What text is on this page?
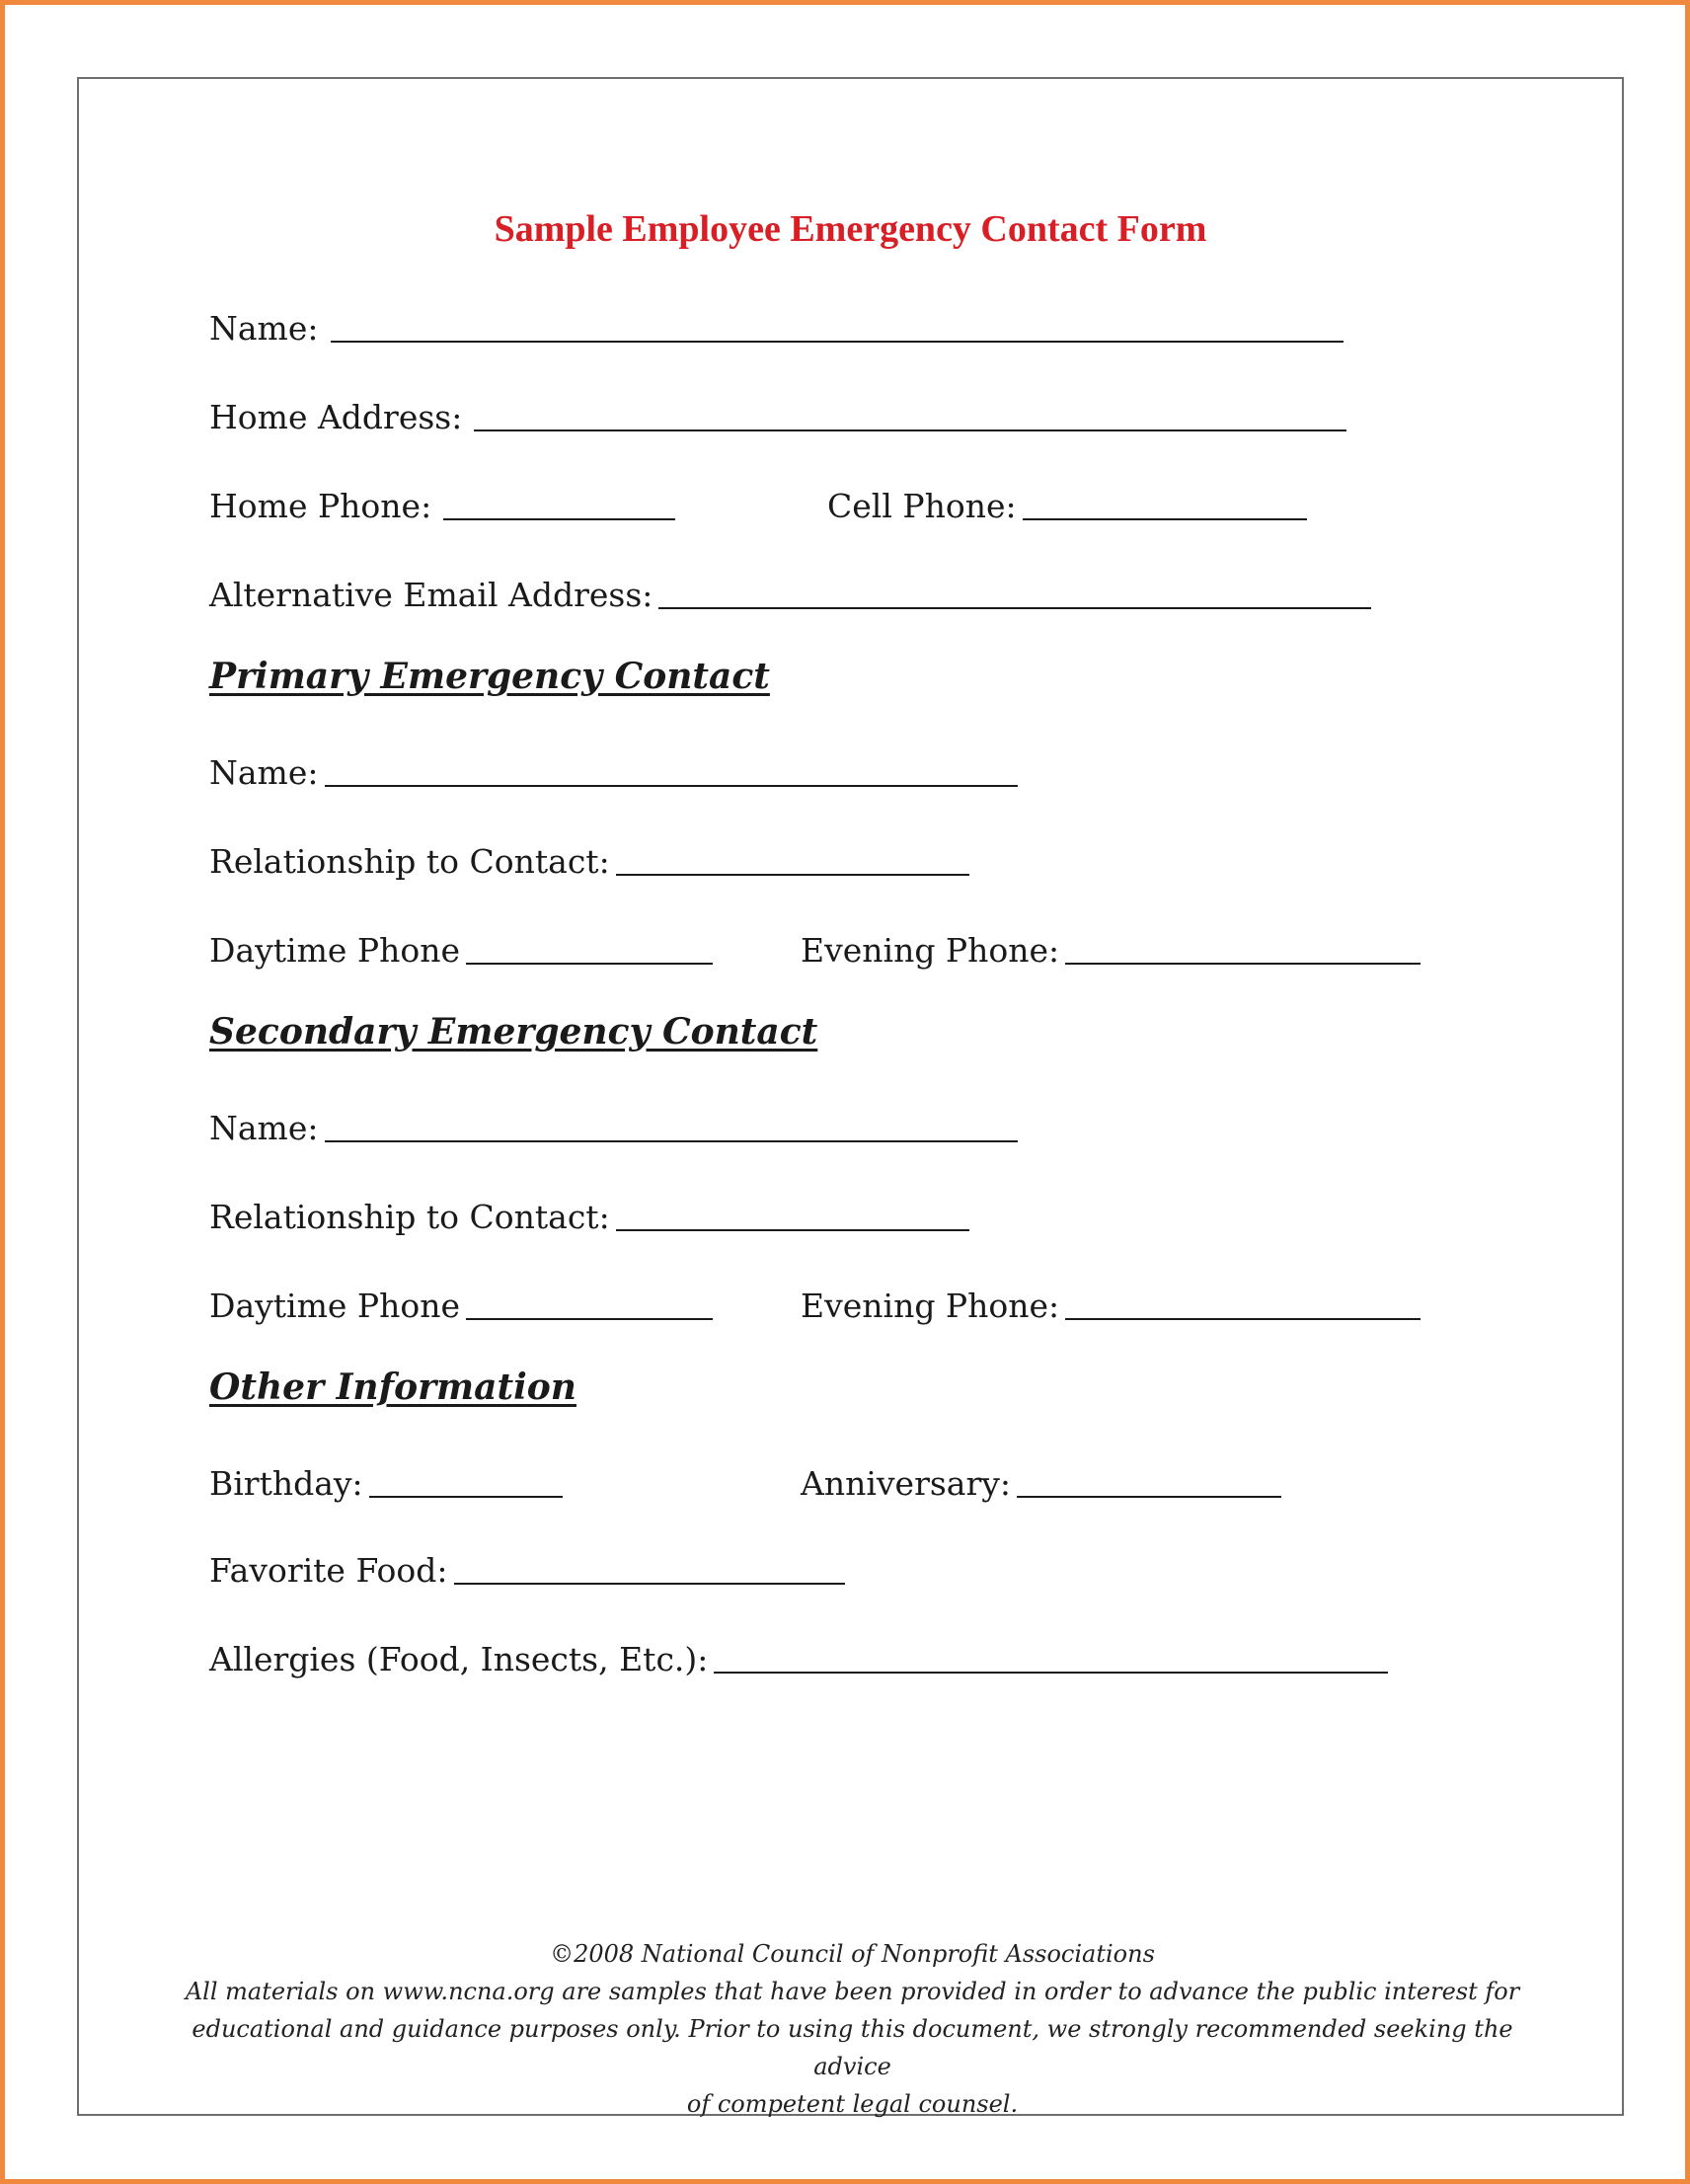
Sample Employee Emergency Contact Form
Name:
Home Address:
Home Phone:	Cell Phone:
Alternative Email Address:
Primary Emergency Contact
Name:
Relationship to Contact:
Daytime Phone	Evening Phone:
Secondary Emergency Contact
Name:
Relationship to Contact:
Daytime Phone	Evening Phone:
Other Information
Birthday:	Anniversary:
Favorite Food:
Allergies (Food, Insects, Etc.):
©2008 National Council of Nonprofit Associations
All materials on www.ncna.org are samples that have been provided in order to advance the public interest for
educational and guidance purposes only. Prior to using this document, we strongly recommended seeking the advice
of competent legal counsel.
